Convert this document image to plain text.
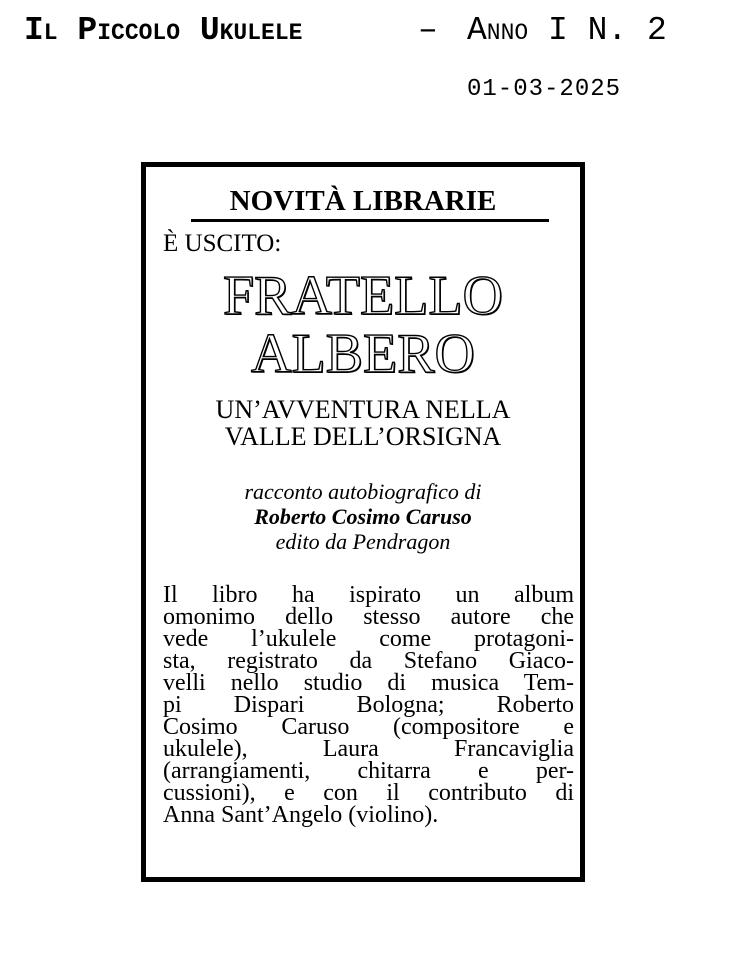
Il Piccolo Ukulele	– Anno I N. 2
01-03-2025
NOVITÀ LIBRARIE
È USCITO:
FRATELLO
ALBERO
UN’AVVENTURA NELLA
VALLE DELL’ORSIGNA
racconto autobiografico di
Roberto Cosimo Caruso
edito da Pendragon
Il libro ha ispirato un album
omonimo dello stesso autore che
vede l’ukulele come protagoni-
sta, registrato da Stefano Giaco-
velli nello studio di musica Tem-
pi Dispari Bologna; Roberto
Cosimo Caruso (compositore e
ukulele), Laura Francaviglia
(arrangiamenti, chitarra e per-
cussioni), e con il contributo di
Anna Sant’Angelo (violino).
